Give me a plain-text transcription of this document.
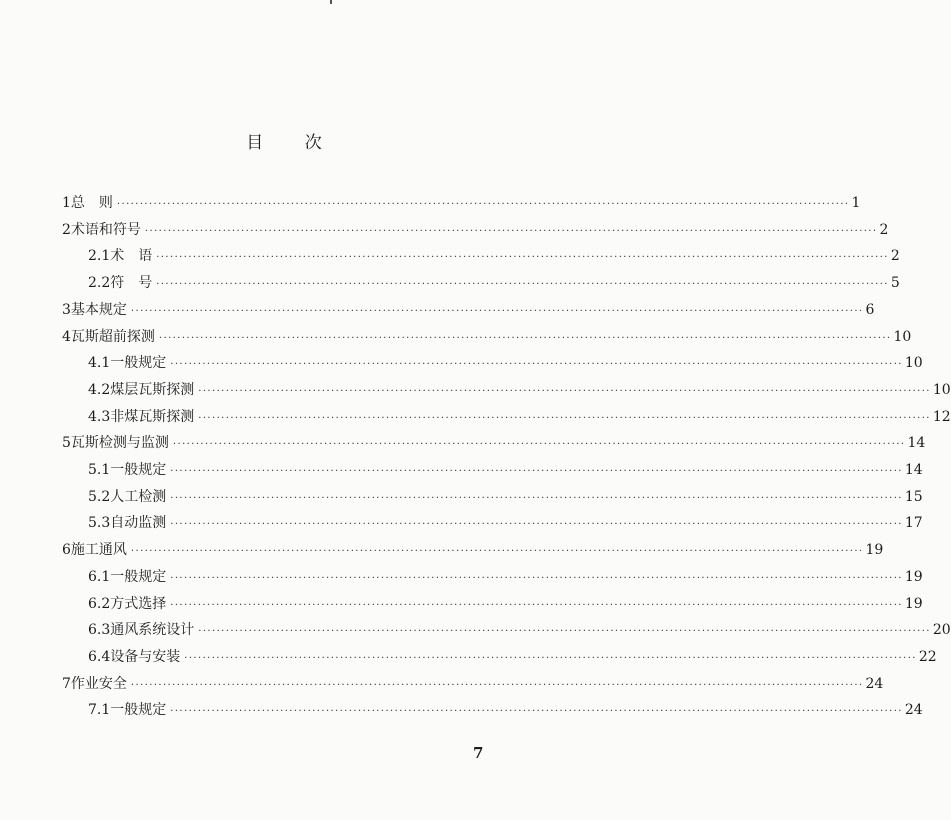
目 次
1 总　则 ································································································································································ 1
2 术语和符号 ································································································································································ 2
2.1 术　语 ································································································································································ 2
2.2 符　号 ································································································································································ 5
3 基本规定 ································································································································································ 6
4 瓦斯超前探测 ································································································································································ 10
4.1 一般规定 ································································································································································ 10
4.2 煤层瓦斯探测 ································································································································································ 10
4.3 非煤瓦斯探测 ································································································································································ 12
5 瓦斯检测与监测 ································································································································································ 14
5.1 一般规定 ································································································································································ 14
5.2 人工检测 ································································································································································ 15
5.3 自动监测 ································································································································································ 17
6 施工通风 ································································································································································ 19
6.1 一般规定 ································································································································································ 19
6.2 方式选择 ································································································································································ 19
6.3 通风系统设计 ································································································································································ 20
6.4 设备与安装 ································································································································································ 22
7 作业安全 ································································································································································ 24
7.1 一般规定 ································································································································································ 24
7
